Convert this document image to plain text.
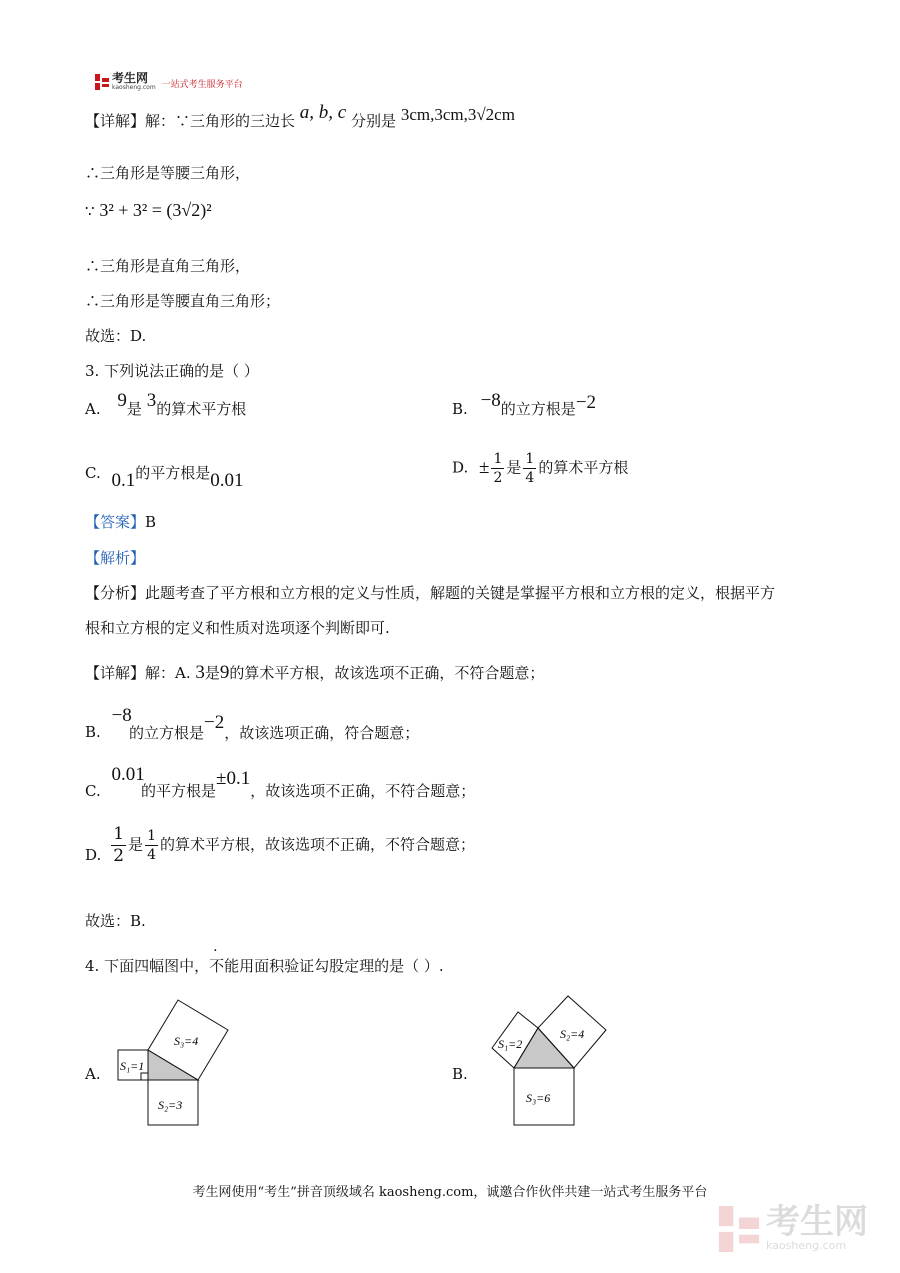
考生网
kaosheng.com 一站式考生服务平台
【详解】解：∵三角形的三边长 a, b, c 分别是 3cm,3cm,3√2cm
∴三角形是等腰三角形，
∵ 3² + 3² = (3√2)²
∴三角形是直角三角形，
∴三角形是等腰直角三角形；
故选：D.
3. 下列说法正确的是（ ）
A. 9是 3的算术平方根	B. −8的立方根是−2
C. 0.1的平方根是0.01
D. ± $\frac{1}{2}$ 是 $\frac{1}{4}$ 的算术平方根
【答案】B
【解析】
【分析】此题考查了平方根和立方根的定义与性质，解题的关键是掌握平方根和立方根的定义，根据平方
根和立方根的定义和性质对选项逐个判断即可.
【详解】解：A. 3是9的算术平方根，故该选项不正确，不符合题意；
B. −8
的立方根是−2，故该选项正确，符合题意；
C. 0.01
的平方根是±0.1，故该选项不正确，不符合题意；
D. $\frac{1}{2}$ 是 $\frac{1}{4}$ 的算术平方根，故该选项不正确，不符合题意；
故选：B.
4. 下面四幅图中，不能用面积验证勾股定理的是（ ）.
A. S₁=1
S₂=3
S₃=4
B.
S₁=2
S₂=4
S₃=6
考生网使用“考生”拼音顶级域名 kaosheng.com，诚邀合作伙伴共建一站式考生服务平台
考生网
kaosheng.com
